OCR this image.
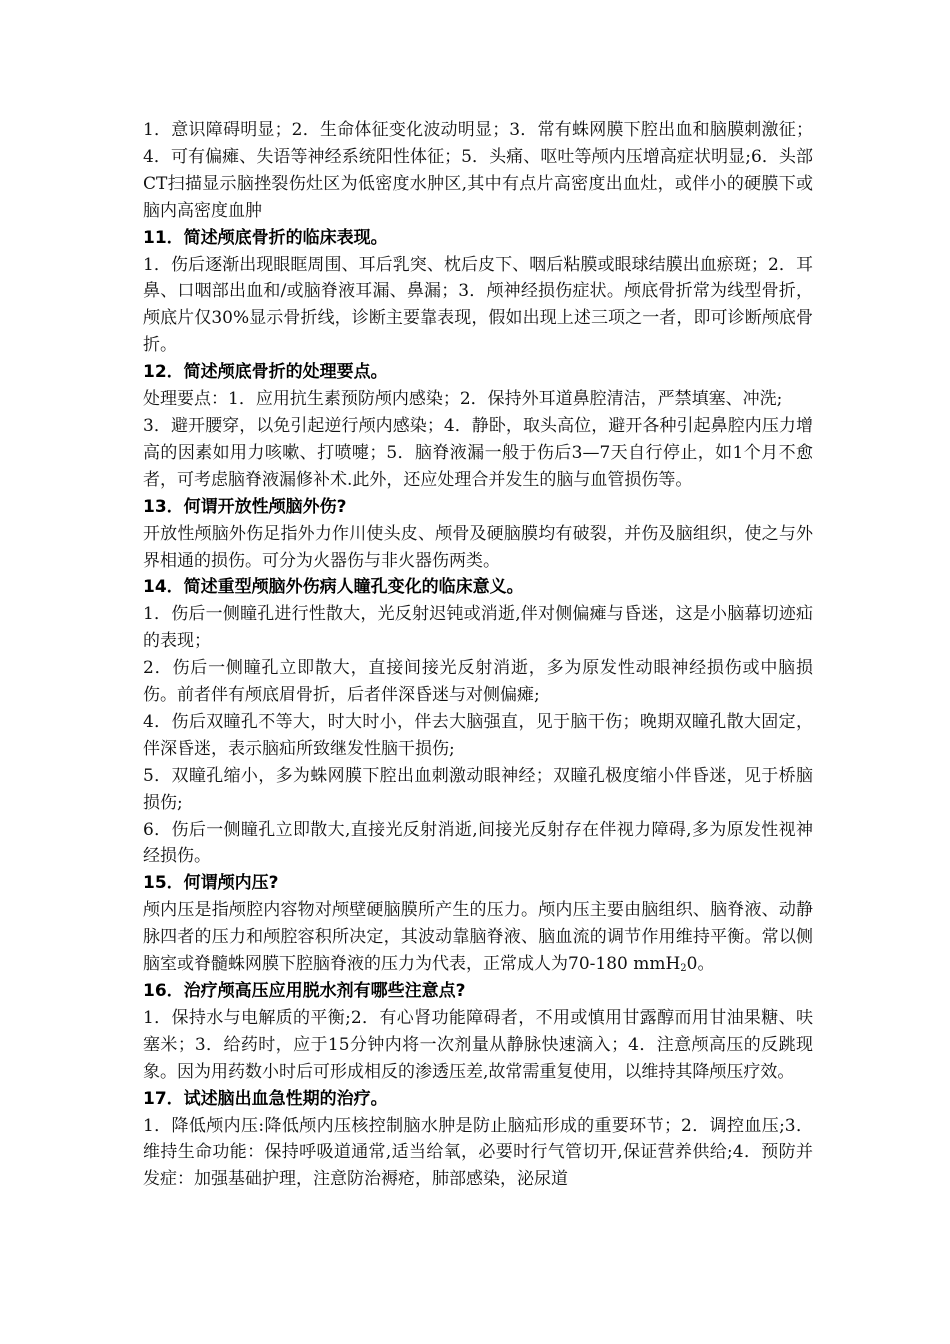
1．意识障碍明显；2．生命体征变化波动明显；3．常有蛛网膜下腔出血和脑膜刺激征；4．可有偏瘫、失语等神经系统阳性体征；5．头痛、呕吐等颅内压增高症状明显;6．头部CT扫描显示脑挫裂伤灶区为低密度水肿区,其中有点片高密度出血灶，或伴小的硬膜下或脑内高密度血肿

11．简述颅底骨折的临床表现。

1．伤后逐渐出现眼眶周围、耳后乳突、枕后皮下、咽后粘膜或眼球结膜出血瘀斑；2．耳鼻、口咽部出血和/或脑脊液耳漏、鼻漏；3．颅神经损伤症状。颅底骨折常为线型骨折，颅底片仅30%显示骨折线，诊断主要靠表现，假如出现上述三项之一者，即可诊断颅底骨折。

12．简述颅底骨折的处理要点。

处理要点：1．应用抗生素预防颅内感染；2．保持外耳道鼻腔清洁，严禁填塞、冲洗;

3．避开腰穿，以免引起逆行颅内感染；4．静卧，取头高位，避开各种引起鼻腔内压力增高的因素如用力咳嗽、打喷嚏；5．脑脊液漏一般于伤后3—7天自行停止，如1个月不愈者，可考虑脑脊液漏修补术.此外，还应处理合并发生的脑与血管损伤等。

13．何谓开放性颅脑外伤?

开放性颅脑外伤足指外力作川使头皮、颅骨及硬脑膜均有破裂，并伤及脑组织，使之与外界相通的损伤。可分为火器伤与非火器伤两类。

14．简述重型颅脑外伤病人瞳孔变化的临床意义。

1．伤后一侧瞳孔进行性散大，光反射迟钝或消逝,伴对侧偏瘫与昏迷，这是小脑幕切迹疝的表现；

2．伤后一侧瞳孔立即散大，直接间接光反射消逝，多为原发性动眼神经损伤或中脑损伤。前者伴有颅底眉骨折，后者伴深昏迷与对侧偏瘫;

4．伤后双瞳孔不等大，时大时小，伴去大脑强直，见于脑干伤；晚期双瞳孔散大固定，伴深昏迷，表示脑疝所致继发性脑干损伤;

5．双瞳孔缩小，多为蛛网膜下腔出血刺激动眼神经；双瞳孔极度缩小伴昏迷，见于桥脑损伤;

6．伤后一侧瞳孔立即散大,直接光反射消逝,间接光反射存在伴视力障碍,多为原发性视神经损伤。

15．何谓颅内压?

颅内压是指颅腔内容物对颅壁硬脑膜所产生的压力。颅内压主要由脑组织、脑脊液、动静脉四者的压力和颅腔容积所决定，其波动靠脑脊液、脑血流的调节作用维持平衡。常以侧脑室或脊髓蛛网膜下腔脑脊液的压力为代表，正常成人为70-180 mmH$_2$0。

16．治疗颅高压应用脱水剂有哪些注意点?

1．保持水与电解质的平衡;2．有心肾功能障碍者，不用或慎用甘露醇而用甘油果糖、呋塞米；3．给药时，应于15分钟内将一次剂量从静脉快速滴入；4．注意颅高压的反跳现象。因为用药数小时后可形成相反的渗透压差,故常需重复使用，以维持其降颅压疗效。

17．试述脑出血急性期的治疗。

1．降低颅内压:降低颅内压核控制脑水肿是防止脑疝形成的重要环节；2．调控血压;3．维持生命功能：保持呼吸道通常,适当给氧，必要时行气管切开,保证营养供给;4．预防并发症：加强基础护理，注意防治褥疮，肺部感染，泌尿道
